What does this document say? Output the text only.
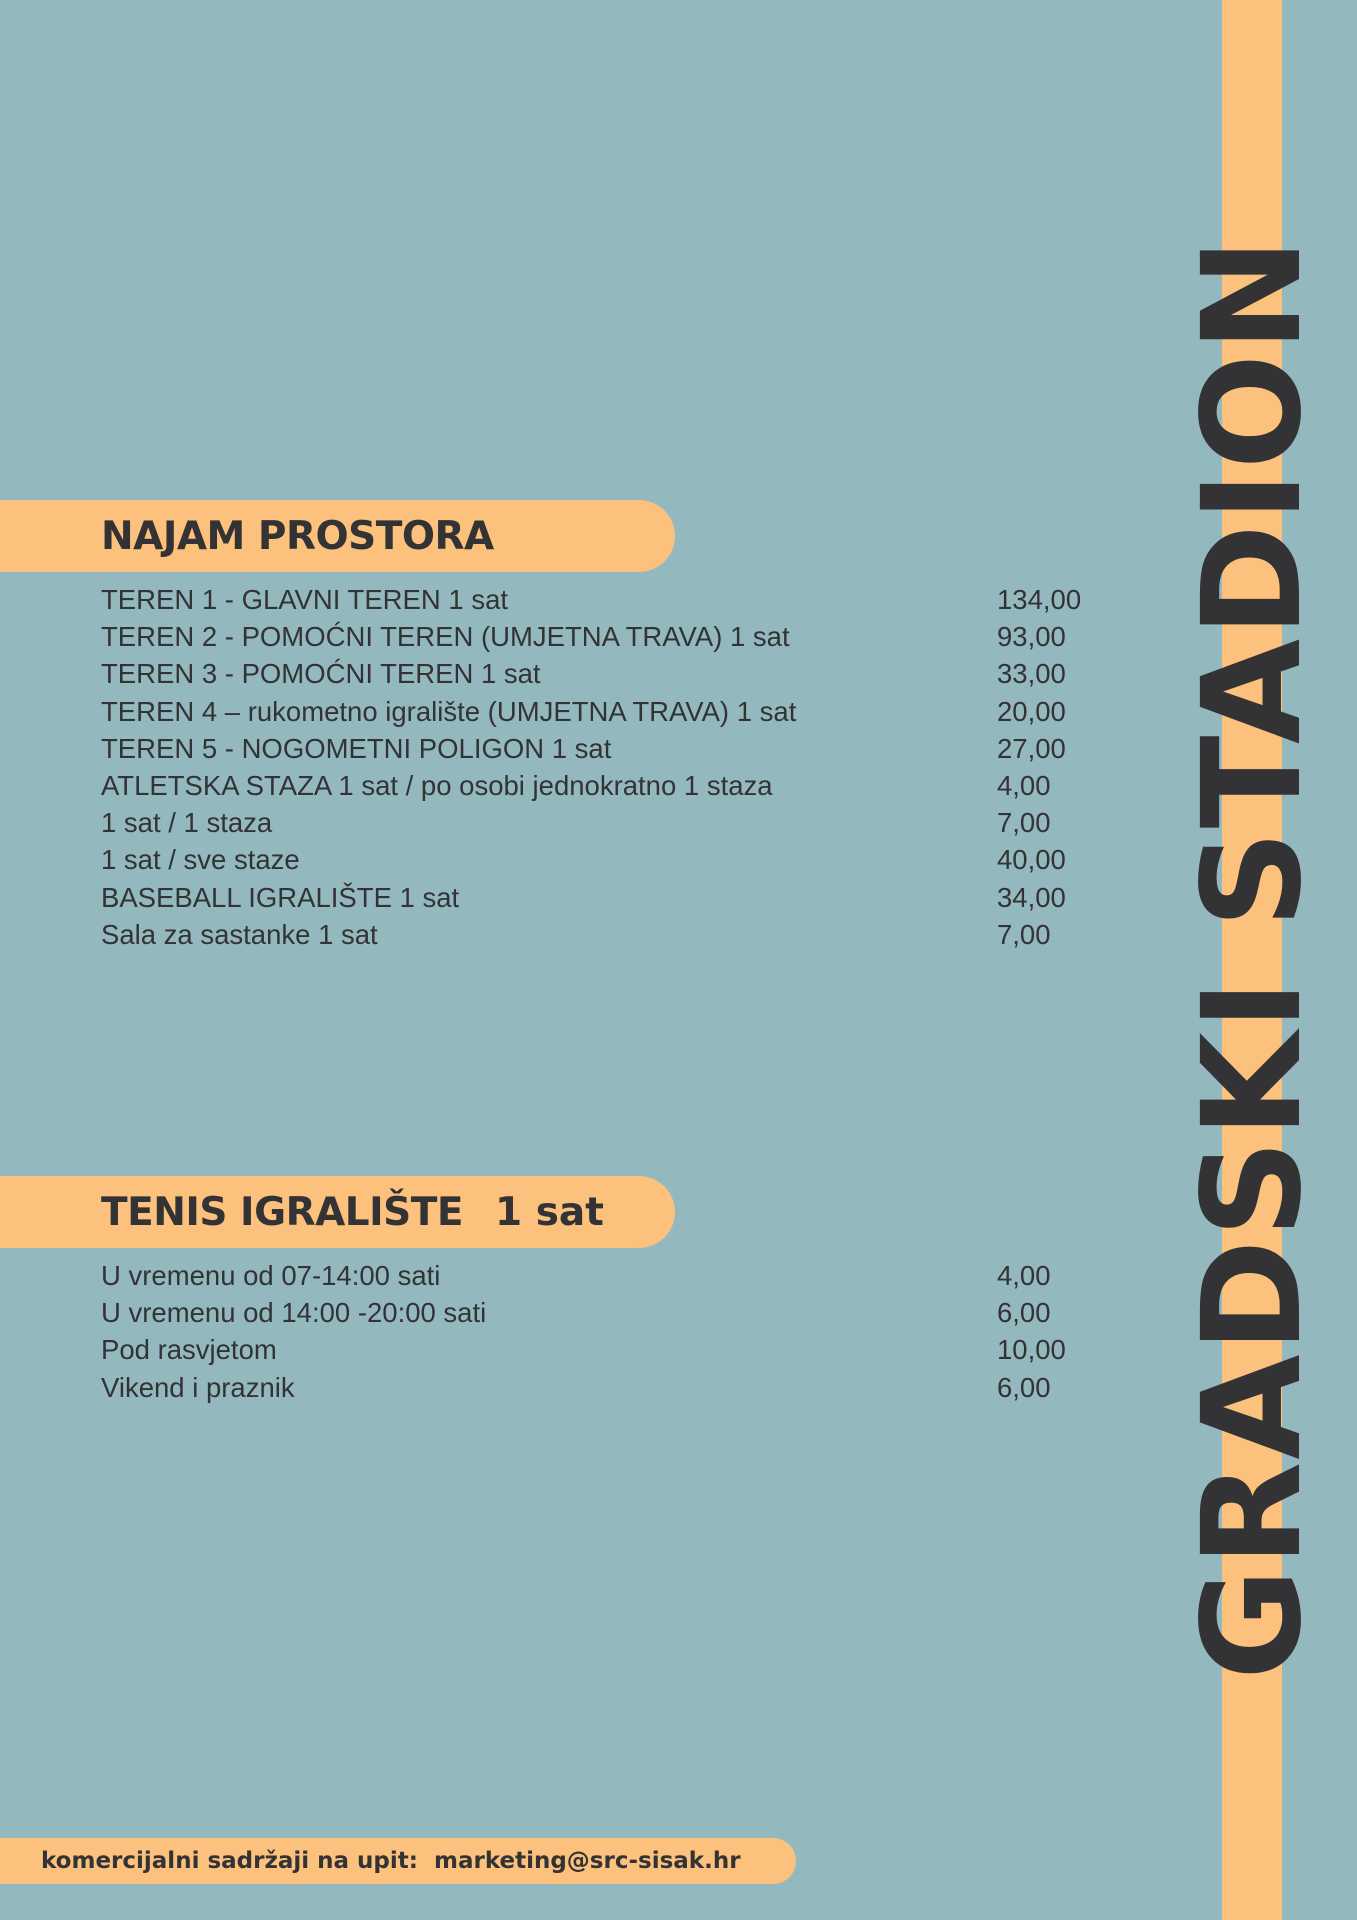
GRADSKI STADION
NAJAM PROSTORA
TEREN 1 - GLAVNI TEREN 1 sat	134,00
TEREN 2 - POMOĆNI TEREN (UMJETNA TRAVA) 1 sat	93,00
TEREN 3 - POMOĆNI TEREN 1 sat	33,00
TEREN 4 – rukometno igralište (UMJETNA TRAVA) 1 sat	20,00
TEREN 5 - NOGOMETNI POLIGON 1 sat	27,00
ATLETSKA STAZA 1 sat / po osobi jednokratno 1 staza	4,00
1 sat / 1 staza	7,00
1 sat / sve staze	40,00
BASEBALL IGRALIŠTE 1 sat	34,00
Sala za sastanke 1 sat	7,00
TENIS IGRALIŠTE 1 sat
U vremenu od 07-14:00 sati	4,00
U vremenu od 14:00 -20:00 sati	6,00
Pod rasvjetom	10,00
Vikend i praznik	6,00
komercijalni sadržaji na upit:  marketing@src-sisak.hr
